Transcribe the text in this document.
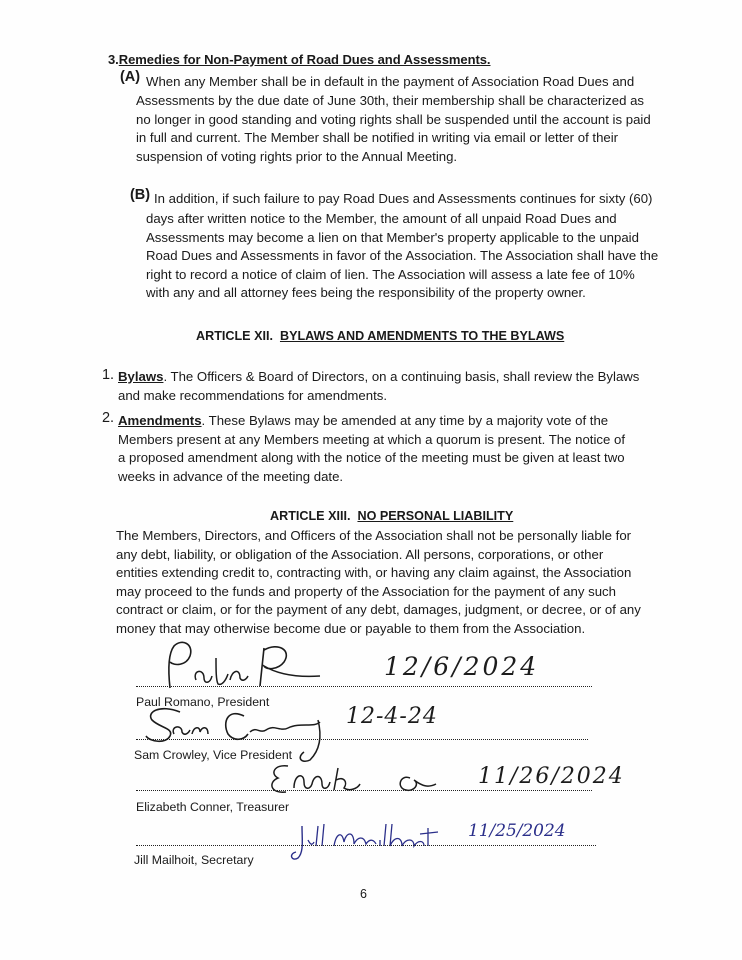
3.Remedies for Non-Payment of Road Dues and Assessments.
(A) When any Member shall be in default in the payment of Association Road Dues and
Assessments by the due date of June 30th, their membership shall be characterized as
no longer in good standing and voting rights shall be suspended until the account is paid
in full and current. The Member shall be notified in writing via email or letter of their
suspension of voting rights prior to the Annual Meeting.
(B) In addition, if such failure to pay Road Dues and Assessments continues for sixty (60)
days after written notice to the Member, the amount of all unpaid Road Dues and
Assessments may become a lien on that Member's property applicable to the unpaid
Road Dues and Assessments in favor of the Association. The Association shall have the
right to record a notice of claim of lien. The Association will assess a late fee of 10%
with any and all attorney fees being the responsibility of the property owner.
ARTICLE XII. BYLAWS AND AMENDMENTS TO THE BYLAWS
1. Bylaws. The Officers & Board of Directors, on a continuing basis, shall review the Bylaws
and make recommendations for amendments.
2. Amendments. These Bylaws may be amended at any time by a majority vote of the
Members present at any Members meeting at which a quorum is present. The notice of
a proposed amendment along with the notice of the meeting must be given at least two
weeks in advance of the meeting date.
ARTICLE XIII. NO PERSONAL LIABILITY
The Members, Directors, and Officers of the Association shall not be personally liable for
any debt, liability, or obligation of the Association. All persons, corporations, or other
entities extending credit to, contracting with, or having any claim against, the Association
may proceed to the funds and property of the Association for the payment of any such
contract or claim, or for the payment of any debt, damages, judgment, or decree, or of any
money that may otherwise become due or payable to them from the Association.
12/6/2024
Paul Romano, President
12-4-24
Sam Crowley, Vice President
11/26/2024
Elizabeth Conner, Treasurer
11/25/2024
Jill Mailhoit, Secretary
6
